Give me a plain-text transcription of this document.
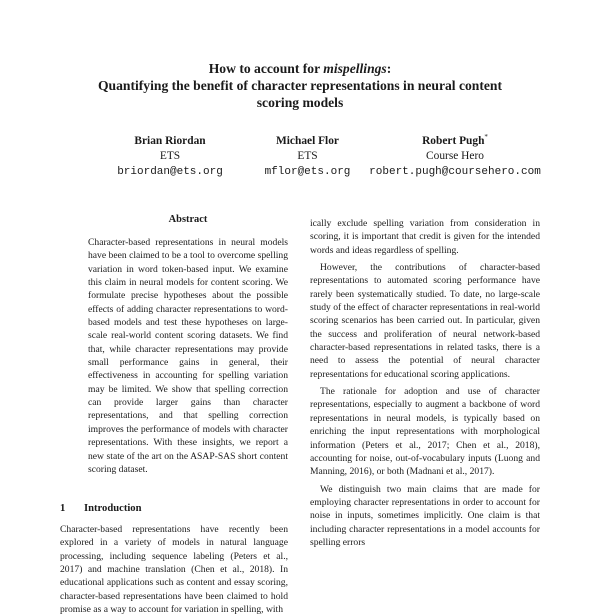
How to account for mispellings:
Quantifying the benefit of character representations in neural content
scoring models
Brian Riordan
ETS
briordan@ets.org
Michael Flor
ETS
mflor@ets.org
Robert Pugh*
Course Hero
robert.pugh@coursehero.com
Abstract

Character-based representations in neural models have been claimed to be a tool to overcome spelling variation in word token-based input. We examine this claim in neural models for content scoring. We formulate precise hypotheses about the possible effects of adding character representations to word-based models and test these hypotheses on large-scale real-world content scoring datasets. We find that, while character representations may provide small performance gains in general, their effectiveness in accounting for spelling variation may be limited. We show that spelling correction can provide larger gains than character representations, and that spelling correction improves the performance of models with character representations. With these insights, we report a new state of the art on the ASAP-SAS short content scoring dataset.

1 Introduction

Character-based representations have recently been explored in a variety of models in natural language processing, including sequence labeling (Peters et al., 2017) and machine translation (Chen et al., 2018). In educational applications such as content and essay scoring, character-based representations have been claimed to hold promise as a way to account for variation in spelling, with

ically exclude spelling variation from consideration in scoring, it is important that credit is given for the intended words and ideas regardless of spelling.

However, the contributions of character-based representations to automated scoring performance have rarely been systematically studied. To date, no large-scale study of the effect of character representations in real-world scoring scenarios has been carried out. In particular, given the success and proliferation of neural network-based character-based representations in related tasks, there is a need to assess the potential of neural character representations for educational scoring applications.

The rationale for adoption and use of character representations, especially to augment a backbone of word representations in neural models, is typically based on enriching the input representations with morphological information (Peters et al., 2017; Chen et al., 2018), accounting for noise, out-of-vocabulary inputs (Luong and Manning, 2016), or both (Madnani et al., 2017).

We distinguish two main claims that are made for employing character representations in order to account for noise in inputs, sometimes implicitly. One claim is that including character representations in a model accounts for spelling errors
